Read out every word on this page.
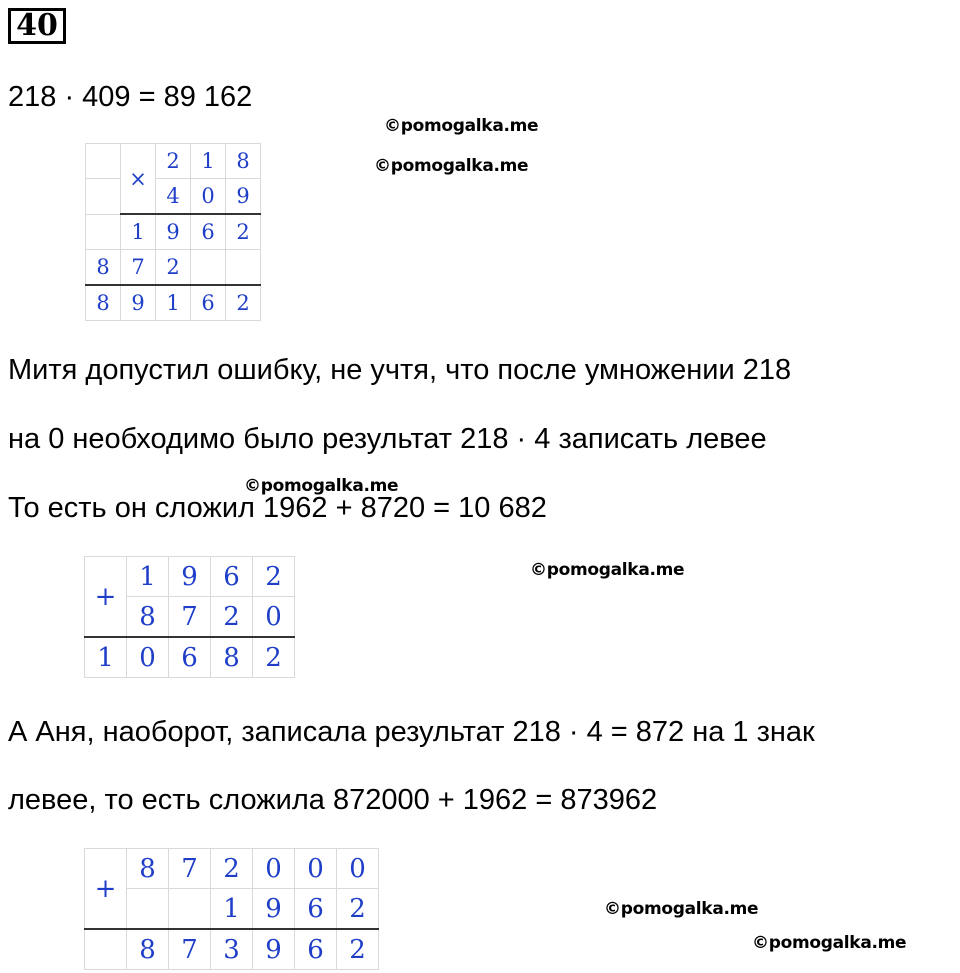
40
218 · 409 = 89 162
©pomogalka.me
©pomogalka.me
	×	2	1	8
		4	0	9
	1	9	6	2
8	7	2		
8	9	1	6	2
Митя допустил ошибку, не учтя, что после умножении 218
на 0 необходимо было результат 218 · 4 записать левее
То есть он сложил 1962 + 8720 = 10 682
©pomogalka.me
©pomogalka.me
+	1	9	6	2
	8	7	2	0
1	0	6	8	2
А Аня, наоборот, записала результат 218 · 4 = 872 на 1 знак
левее, то есть сложила 872000 + 1962 = 873962
+	8	7	2	0	0	0
			1	9	6	2
	8	7	3	9	6	2
©pomogalka.me
©pomogalka.me
